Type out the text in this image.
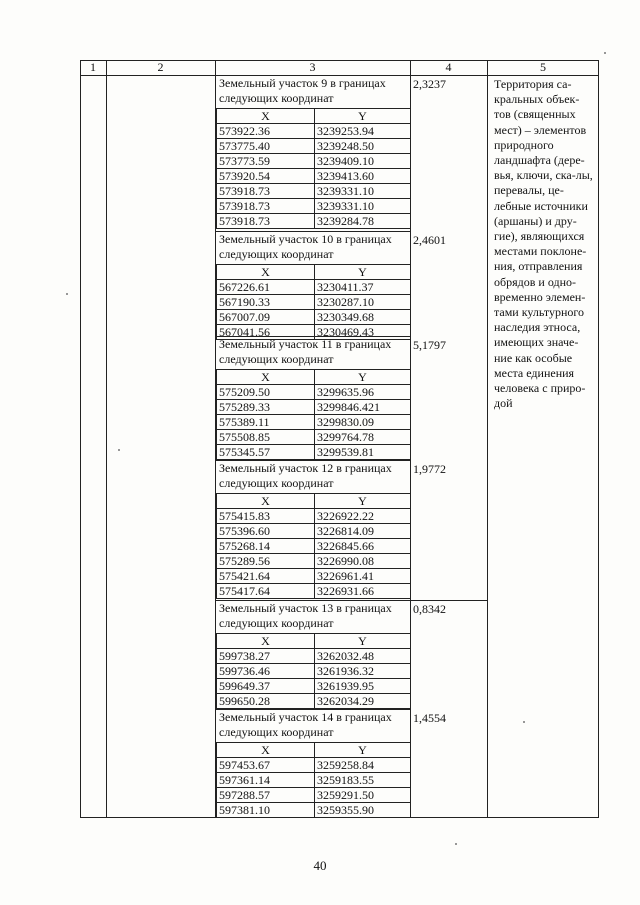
1	2	3	4	5

Земельный участок 9 в границах следующих координат

X	Y
573922.36	3239253.94
573775.40	3239248.50
573773.59	3239409.10
573920.54	3239413.60
573918.73	3239331.10
573918.73	3239331.10
573918.73	3239284.78
2,3237

Земельный участок 10 в границах следующих координат

X	Y
567226.61	3230411.37
567190.33	3230287.10
567007.09	3230349.68
567041.56	3230469.43
2,4601

Земельный участок 11 в границах следующих координат

X	Y
575209.50	3299635.96
575289.33	3299846.421
575389.11	3299830.09
575508.85	3299764.78
575345.57	3299539.81
5,1797

Земельный участок 12 в границах следующих координат

X	Y
575415.83	3226922.22
575396.60	3226814.09
575268.14	3226845.66
575289.56	3226990.08
575421.64	3226961.41
575417.64	3226931.66
1,9772

Земельный участок 13 в границах следующих координат

X	Y
599738.27	3262032.48
599736.46	3261936.32
599649.37	3261939.95
599650.28	3262034.29
0,8342

Земельный участок 14 в границах следующих координат

X	Y
597453.67	3259258.84
597361.14	3259183.55
597288.57	3259291.50
597381.10	3259355.90
1,4554

Территория са-кральных объек-тов (священных мест) – элементов природного ландшафта (дере-вья, ключи, ска-лы, перевалы, це-лебные источники (аршаны) и дру-гие), являющихся местами поклоне-ния, отправления обрядов и одно-временно элемен-тами культурного наследия этноса, имеющих значе-ние как особые места единения человека с приро-дой

40
